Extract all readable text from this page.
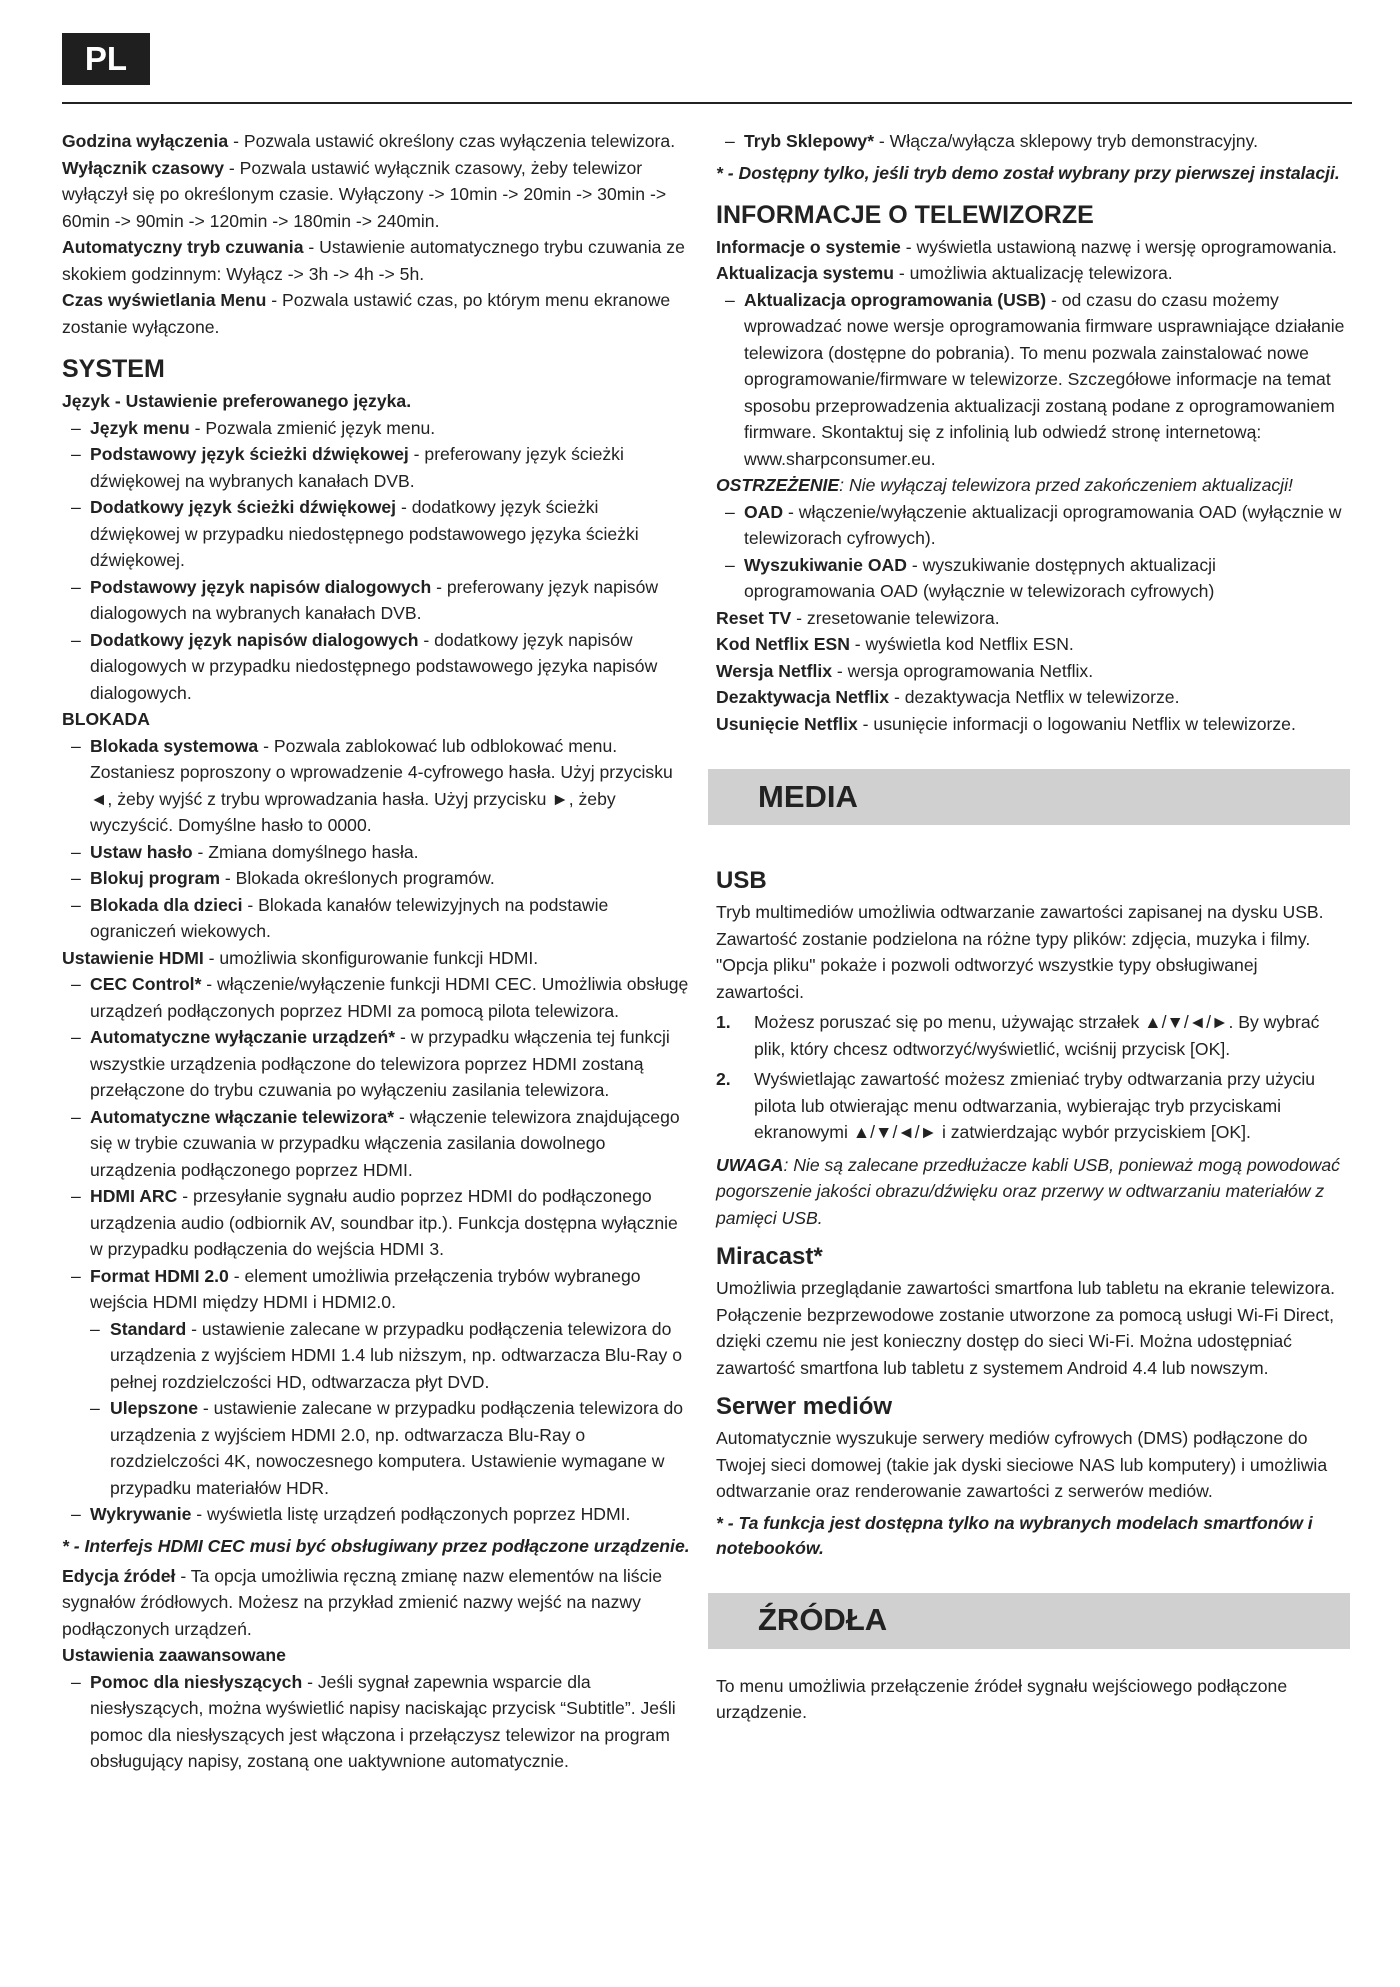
PL

Godzina wyłączenia - Pozwala ustawić określony czas wyłączenia telewizora.

Wyłącznik czasowy - Pozwala ustawić wyłącznik czasowy, żeby telewizor wyłączył się po określonym czasie. Wyłączony -> 10min -> 20min -> 30min -> 60min -> 90min -> 120min -> 180min -> 240min.

Automatyczny tryb czuwania - Ustawienie automatycznego trybu czuwania ze skokiem godzinnym: Wyłącz -> 3h -> 4h -> 5h.

Czas wyświetlania Menu - Pozwala ustawić czas, po którym menu ekranowe zostanie wyłączone.

SYSTEM

Język - Ustawienie preferowanego języka.

– Język menu - Pozwala zmienić język menu.

– Podstawowy język ścieżki dźwiękowej - preferowany język ścieżki dźwiękowej na wybranych kanałach DVB.

– Dodatkowy język ścieżki dźwiękowej - dodatkowy język ścieżki dźwiękowej w przypadku niedostępnego podstawowego języka ścieżki dźwiękowej.

– Podstawowy język napisów dialogowych - preferowany język napisów dialogowych na wybranych kanałach DVB.

– Dodatkowy język napisów dialogowych - dodatkowy język napisów dialogowych w przypadku niedostępnego podstawowego języka napisów dialogowych.

BLOKADA

– Blokada systemowa - Pozwala zablokować lub odblokować menu. Zostaniesz poproszony o wprowadzenie 4-cyfrowego hasła. Użyj przycisku ◄, żeby wyjść z trybu wprowadzania hasła. Użyj przycisku ►, żeby wyczyścić. Domyślne hasło to 0000.

– Ustaw hasło - Zmiana domyślnego hasła.

– Blokuj program - Blokada określonych programów.

– Blokada dla dzieci - Blokada kanałów telewizyjnych na podstawie ograniczeń wiekowych.

Ustawienie HDMI - umożliwia skonfigurowanie funkcji HDMI.

– CEC Control* - włączenie/wyłączenie funkcji HDMI CEC. Umożliwia obsługę urządzeń podłączonych poprzez HDMI za pomocą pilota telewizora.

– Automatyczne wyłączanie urządzeń* - w przypadku włączenia tej funkcji wszystkie urządzenia podłączone do telewizora poprzez HDMI zostaną przełączone do trybu czuwania po wyłączeniu zasilania telewizora.

– Automatyczne włączanie telewizora* - włączenie telewizora znajdującego się w trybie czuwania w przypadku włączenia zasilania dowolnego urządzenia podłączonego poprzez HDMI.

– HDMI ARC - przesyłanie sygnału audio poprzez HDMI do podłączonego urządzenia audio (odbiornik AV, soundbar itp.). Funkcja dostępna wyłącznie w przypadku podłączenia do wejścia HDMI 3.

– Format HDMI 2.0 - element umożliwia przełączenia trybów wybranego wejścia HDMI między HDMI i HDMI2.0.

– Standard - ustawienie zalecane w przypadku podłączenia telewizora do urządzenia z wyjściem HDMI 1.4 lub niższym, np. odtwarzacza Blu-Ray o pełnej rozdzielczości HD, odtwarzacza płyt DVD.

– Ulepszone - ustawienie zalecane w przypadku podłączenia telewizora do urządzenia z wyjściem HDMI 2.0, np. odtwarzacza Blu-Ray o rozdzielczości 4K, nowoczesnego komputera. Ustawienie wymagane w przypadku materiałów HDR.

– Wykrywanie - wyświetla listę urządzeń podłączonych poprzez HDMI.

* - Interfejs HDMI CEC musi być obsługiwany przez podłączone urządzenie.

Edycja źródeł - Ta opcja umożliwia ręczną zmianę nazw elementów na liście sygnałów źródłowych. Możesz na przykład zmienić nazwy wejść na nazwy podłączonych urządzeń.

Ustawienia zaawansowane

– Pomoc dla niesłyszących - Jeśli sygnał zapewnia wsparcie dla niesłyszących, można wyświetlić napisy naciskając przycisk “Subtitle”. Jeśli pomoc dla niesłyszących jest włączona i przełączysz telewizor na program obsługujący napisy, zostaną one uaktywnione automatycznie.

– Tryb Sklepowy* - Włącza/wyłącza sklepowy tryb demonstracyjny.

* - Dostępny tylko, jeśli tryb demo został wybrany przy pierwszej instalacji.

INFORMACJE O TELEWIZORZE

Informacje o systemie - wyświetla ustawioną nazwę i wersję oprogramowania.

Aktualizacja systemu - umożliwia aktualizację telewizora.

– Aktualizacja oprogramowania (USB) - od czasu do czasu możemy wprowadzać nowe wersje oprogramowania firmware usprawniające działanie telewizora (dostępne do pobrania). To menu pozwala zainstalować nowe oprogramowanie/firmware w telewizorze. Szczegółowe informacje na temat sposobu przeprowadzenia aktualizacji zostaną podane z oprogramowaniem firmware. Skontaktuj się z infolinią lub odwiedź stronę internetową: www.sharpconsumer.eu.

OSTRZEŻENIE: Nie wyłączaj telewizora przed zakończeniem aktualizacji!

– OAD - włączenie/wyłączenie aktualizacji oprogramowania OAD (wyłącznie w telewizorach cyfrowych).

– Wyszukiwanie OAD - wyszukiwanie dostępnych aktualizacji oprogramowania OAD (wyłącznie w telewizorach cyfrowych)

Reset TV - zresetowanie telewizora.

Kod Netflix ESN - wyświetla kod Netflix ESN.

Wersja Netflix - wersja oprogramowania Netflix.

Dezaktywacja Netflix - dezaktywacja Netflix w telewizorze.

Usunięcie Netflix - usunięcie informacji o logowaniu Netflix w telewizorze.

MEDIA
USB

Tryb multimediów umożliwia odtwarzanie zawartości zapisanej na dysku USB. Zawartość zostanie podzielona na różne typy plików: zdjęcia, muzyka i filmy. "Opcja pliku" pokaże i pozwoli odtworzyć wszystkie typy obsługiwanej zawartości.

1.	Możesz poruszać się po menu, używając strzałek ▲/▼/◄/►. By wybrać plik, który chcesz odtworzyć/wyświetlić, wciśnij przycisk [OK].
2.	Wyświetlając zawartość możesz zmieniać tryby odtwarzania przy użyciu pilota lub otwierając menu odtwarzania, wybierając tryb przyciskami ekranowymi ▲/▼/◄/► i zatwierdzając wybór przyciskiem [OK].

UWAGA: Nie są zalecane przedłużacze kabli USB, ponieważ mogą powodować pogorszenie jakości obrazu/dźwięku oraz przerwy w odtwarzaniu materiałów z pamięci USB.

Miracast*

Umożliwia przeglądanie zawartości smartfona lub tabletu na ekranie telewizora. Połączenie bezprzewodowe zostanie utworzone za pomocą usługi Wi-Fi Direct, dzięki czemu nie jest konieczny dostęp do sieci Wi-Fi. Można udostępniać zawartość smartfona lub tabletu z systemem Android 4.4 lub nowszym.

Serwer mediów

Automatycznie wyszukuje serwery mediów cyfrowych (DMS) podłączone do Twojej sieci domowej (takie jak dyski sieciowe NAS lub komputery) i umożliwia odtwarzanie oraz renderowanie zawartości z serwerów mediów.

* - Ta funkcja jest dostępna tylko na wybranych modelach smartfonów i notebooków.

ŹRÓDŁA

To menu umożliwia przełączenie źródeł sygnału wejściowego podłączone urządzenie.
